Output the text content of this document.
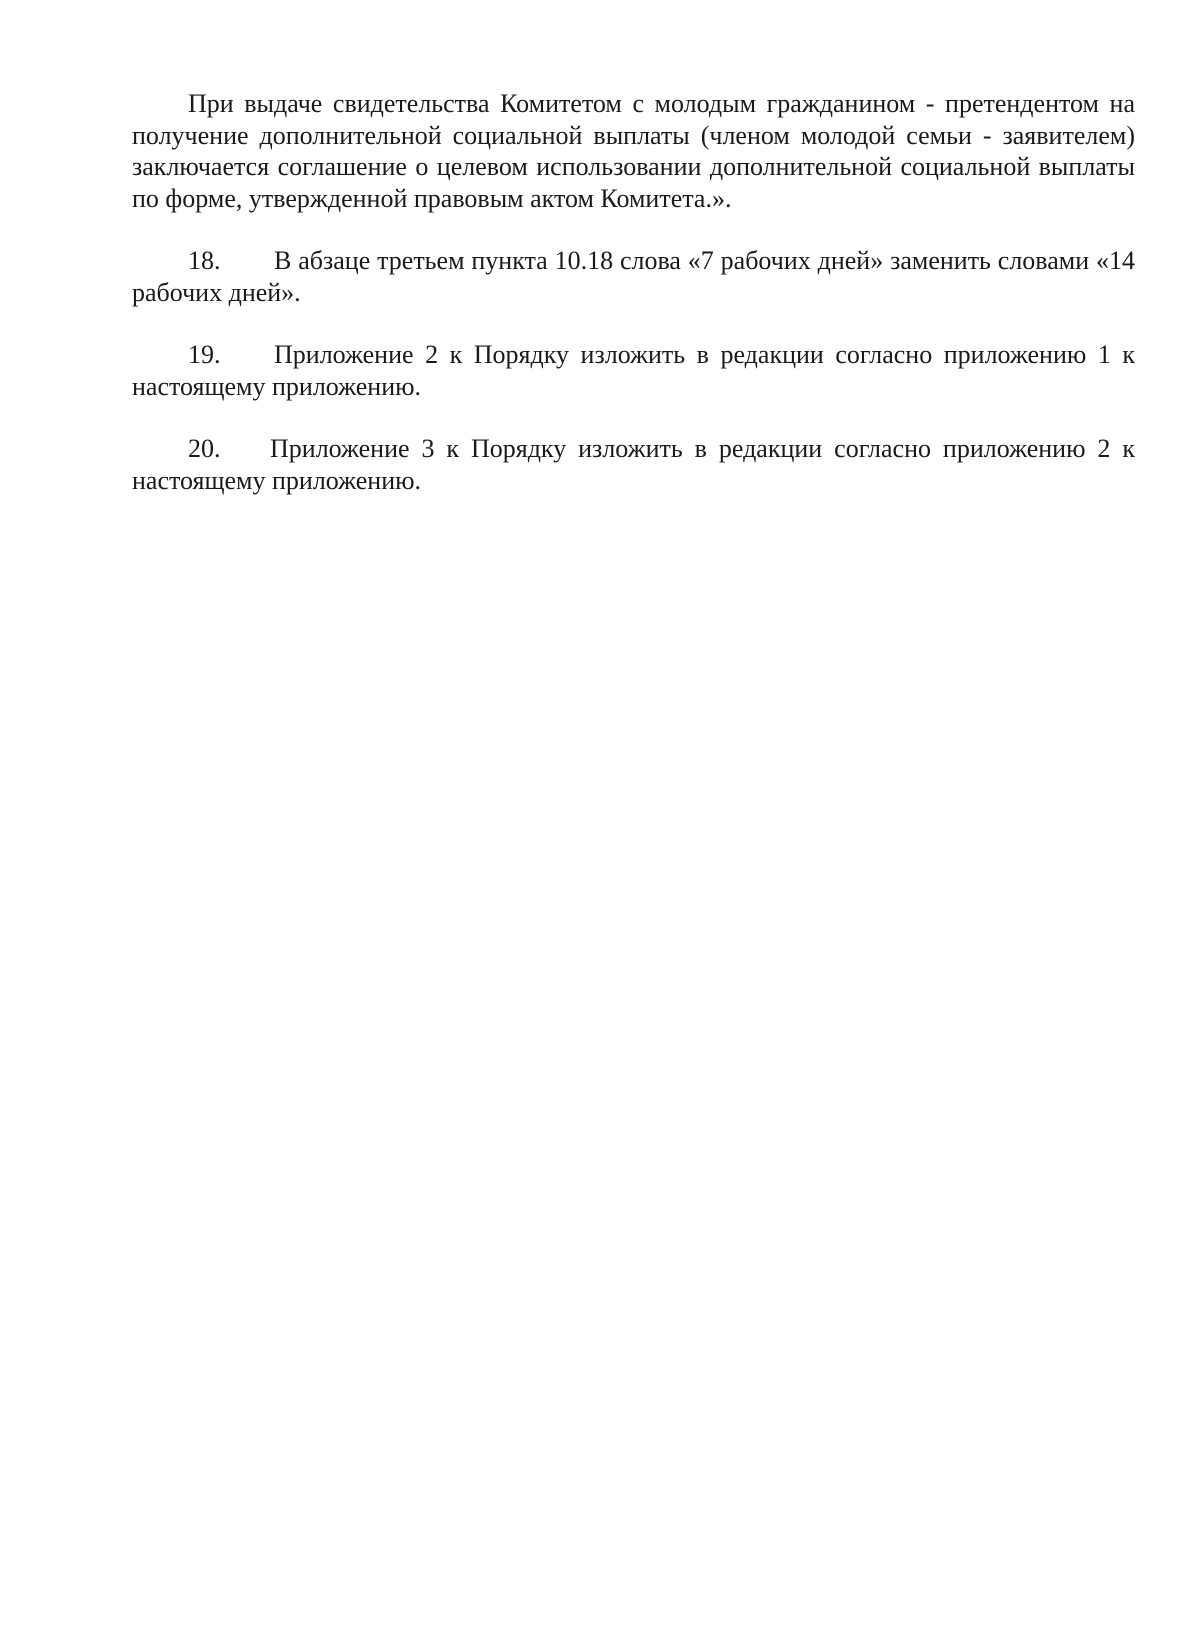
При выдаче свидетельства Комитетом с молодым гражданином - претендентом на получение дополнительной социальной выплаты (членом молодой семьи - заявителем) заключается соглашение о целевом использовании дополнительной социальной выплаты по форме, утвержденной правовым актом Комитета.».

18. В абзаце третьем пункта 10.18 слова «7 рабочих дней» заменить словами «14 рабочих дней».

19. Приложение 2 к Порядку изложить в редакции согласно приложению 1 к настоящему приложению.

20. Приложение 3 к Порядку изложить в редакции согласно приложению 2 к настоящему приложению.
